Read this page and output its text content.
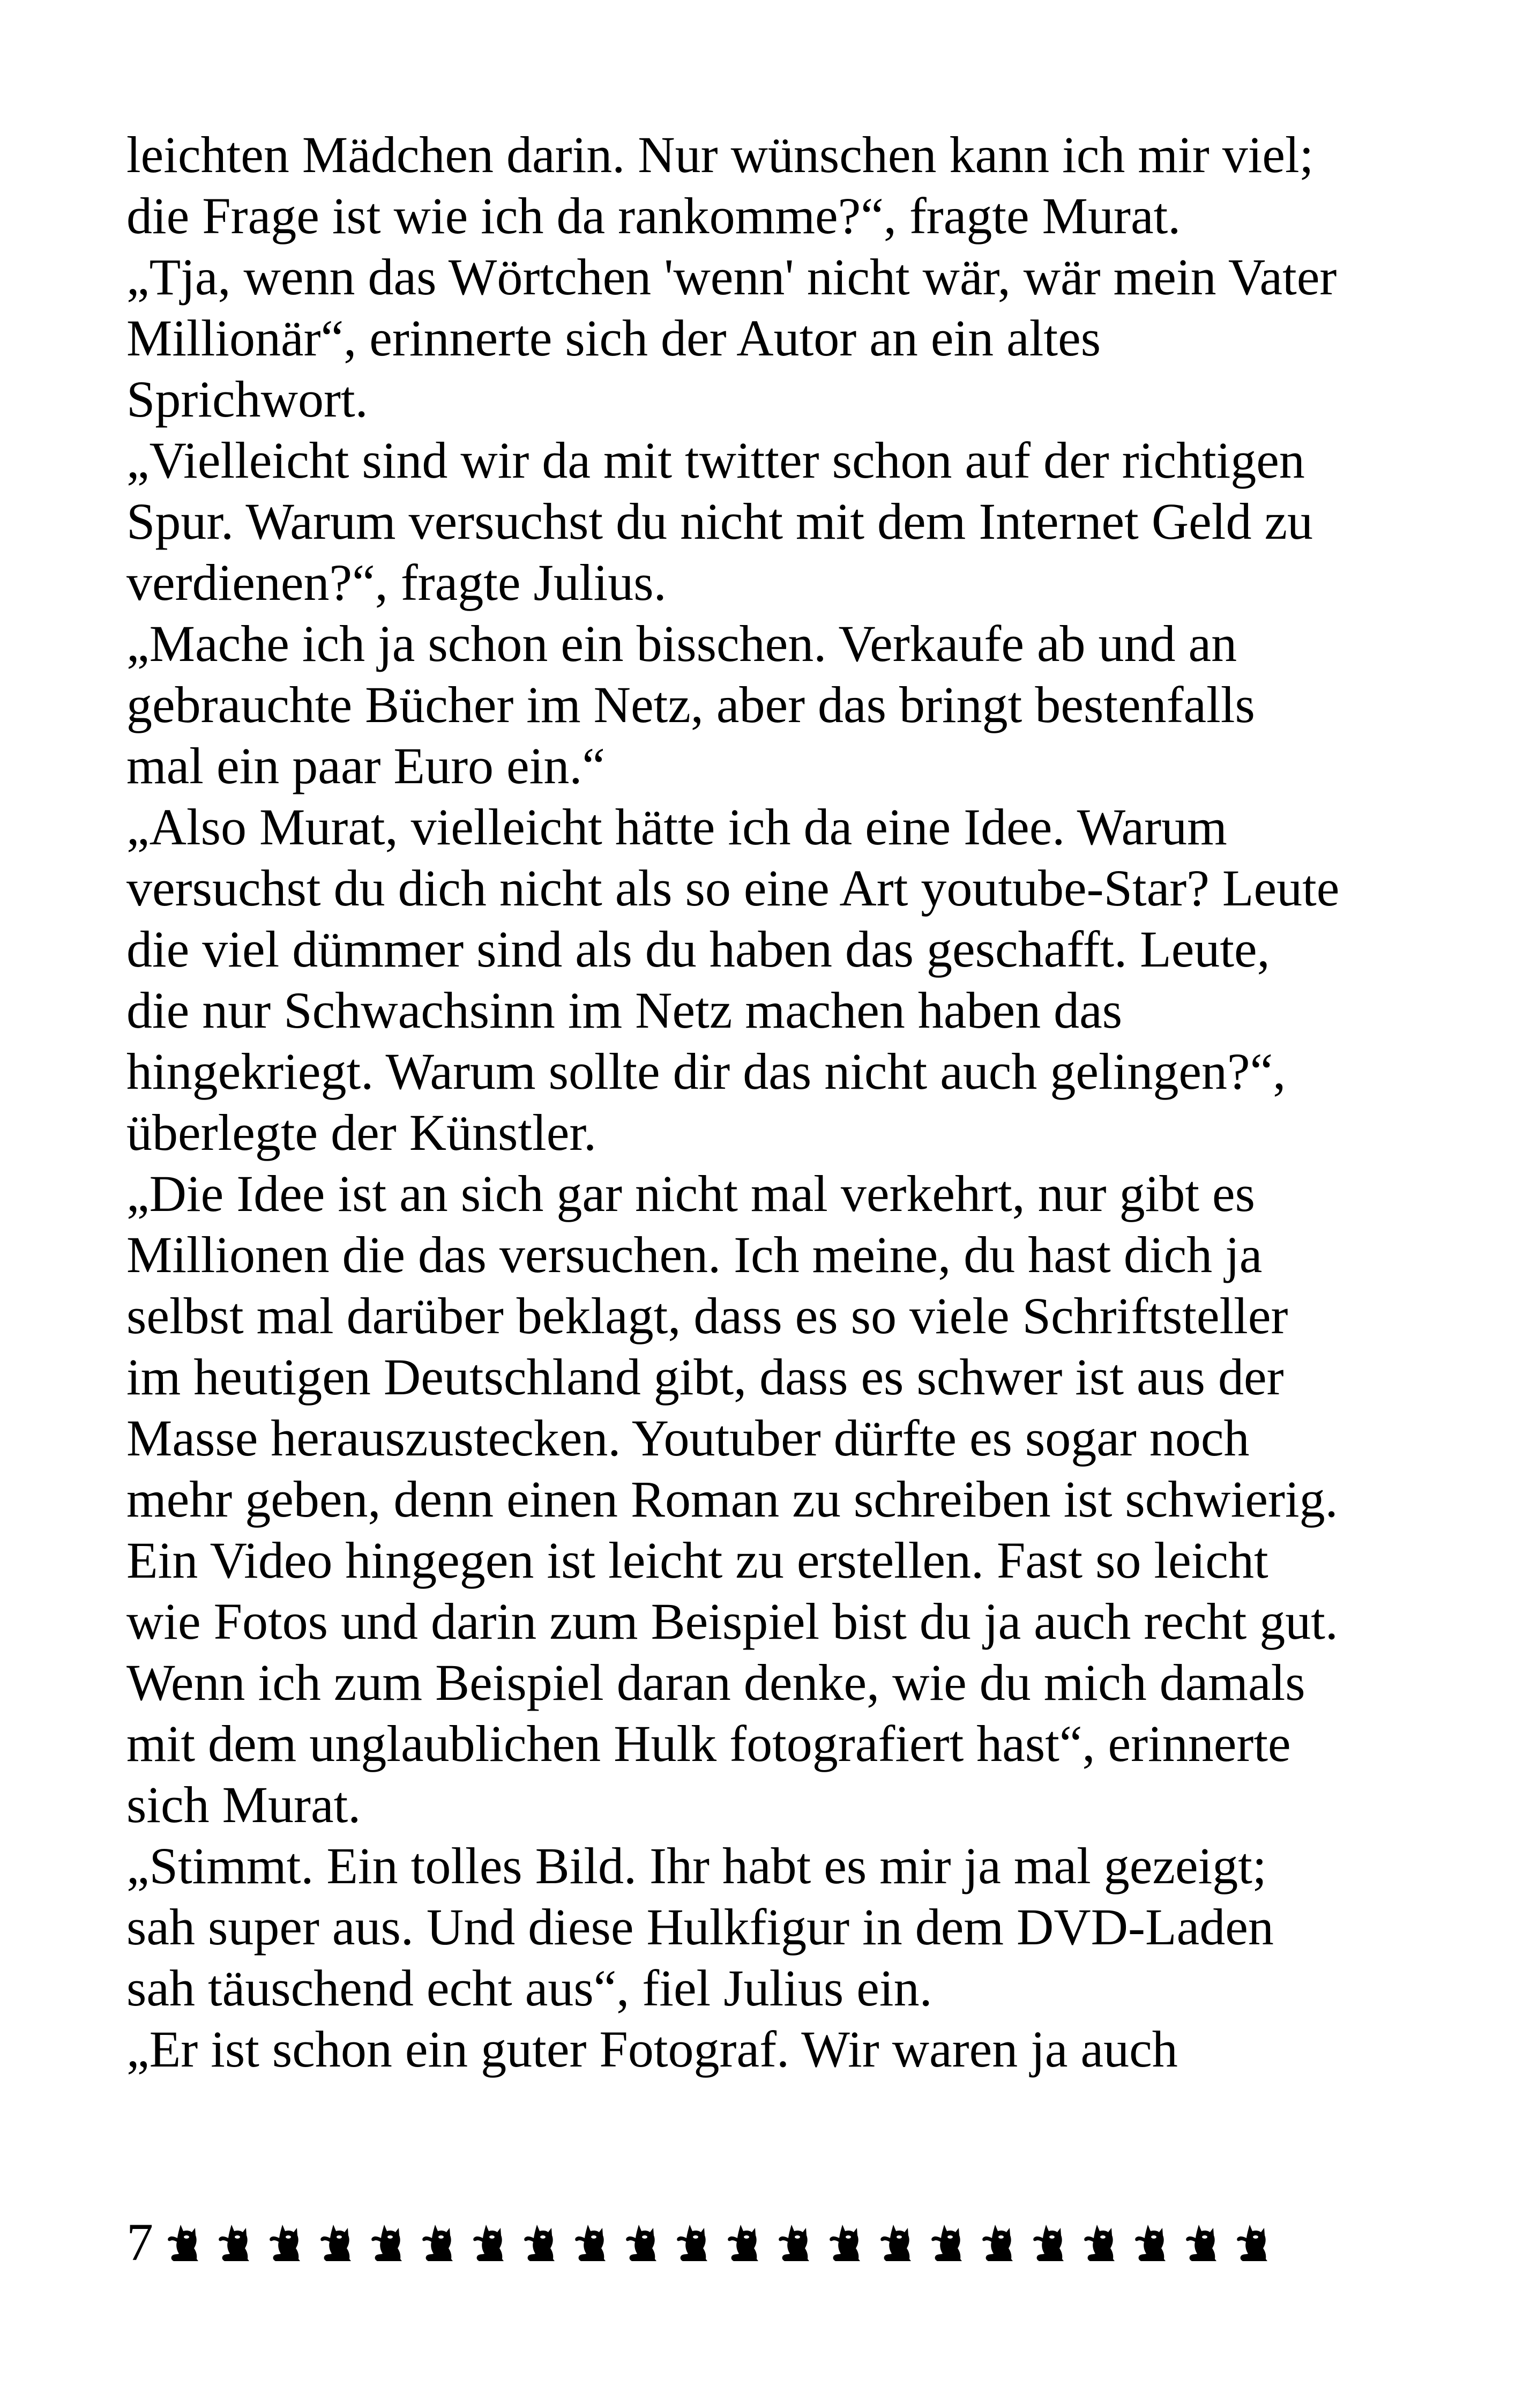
leichten Mädchen darin. Nur wünschen kann ich mir viel;
die Frage ist wie ich da rankomme?“, fragte Murat.
„Tja, wenn das Wörtchen 'wenn' nicht wär, wär mein Vater
Millionär“, erinnerte sich der Autor an ein altes
Sprichwort.
„Vielleicht sind wir da mit twitter schon auf der richtigen
Spur. Warum versuchst du nicht mit dem Internet Geld zu
verdienen?“, fragte Julius.
„Mache ich ja schon ein bisschen. Verkaufe ab und an
gebrauchte Bücher im Netz, aber das bringt bestenfalls
mal ein paar Euro ein.“
„Also Murat, vielleicht hätte ich da eine Idee. Warum
versuchst du dich nicht als so eine Art youtube-Star? Leute
die viel dümmer sind als du haben das geschafft. Leute,
die nur Schwachsinn im Netz machen haben das
hingekriegt. Warum sollte dir das nicht auch gelingen?“,
überlegte der Künstler.
„Die Idee ist an sich gar nicht mal verkehrt, nur gibt es
Millionen die das versuchen. Ich meine, du hast dich ja
selbst mal darüber beklagt, dass es so viele Schriftsteller
im heutigen Deutschland gibt, dass es schwer ist aus der
Masse herauszustecken. Youtuber dürfte es sogar noch
mehr geben, denn einen Roman zu schreiben ist schwierig.
Ein Video hingegen ist leicht zu erstellen. Fast so leicht
wie Fotos und darin zum Beispiel bist du ja auch recht gut.
Wenn ich zum Beispiel daran denke, wie du mich damals
mit dem unglaublichen Hulk fotografiert hast“, erinnerte
sich Murat.
„Stimmt. Ein tolles Bild. Ihr habt es mir ja mal gezeigt;
sah super aus. Und diese Hulkfigur in dem DVD-Laden
sah täuschend echt aus“, fiel Julius ein.
„Er ist schon ein guter Fotograf. Wir waren ja auch
7
